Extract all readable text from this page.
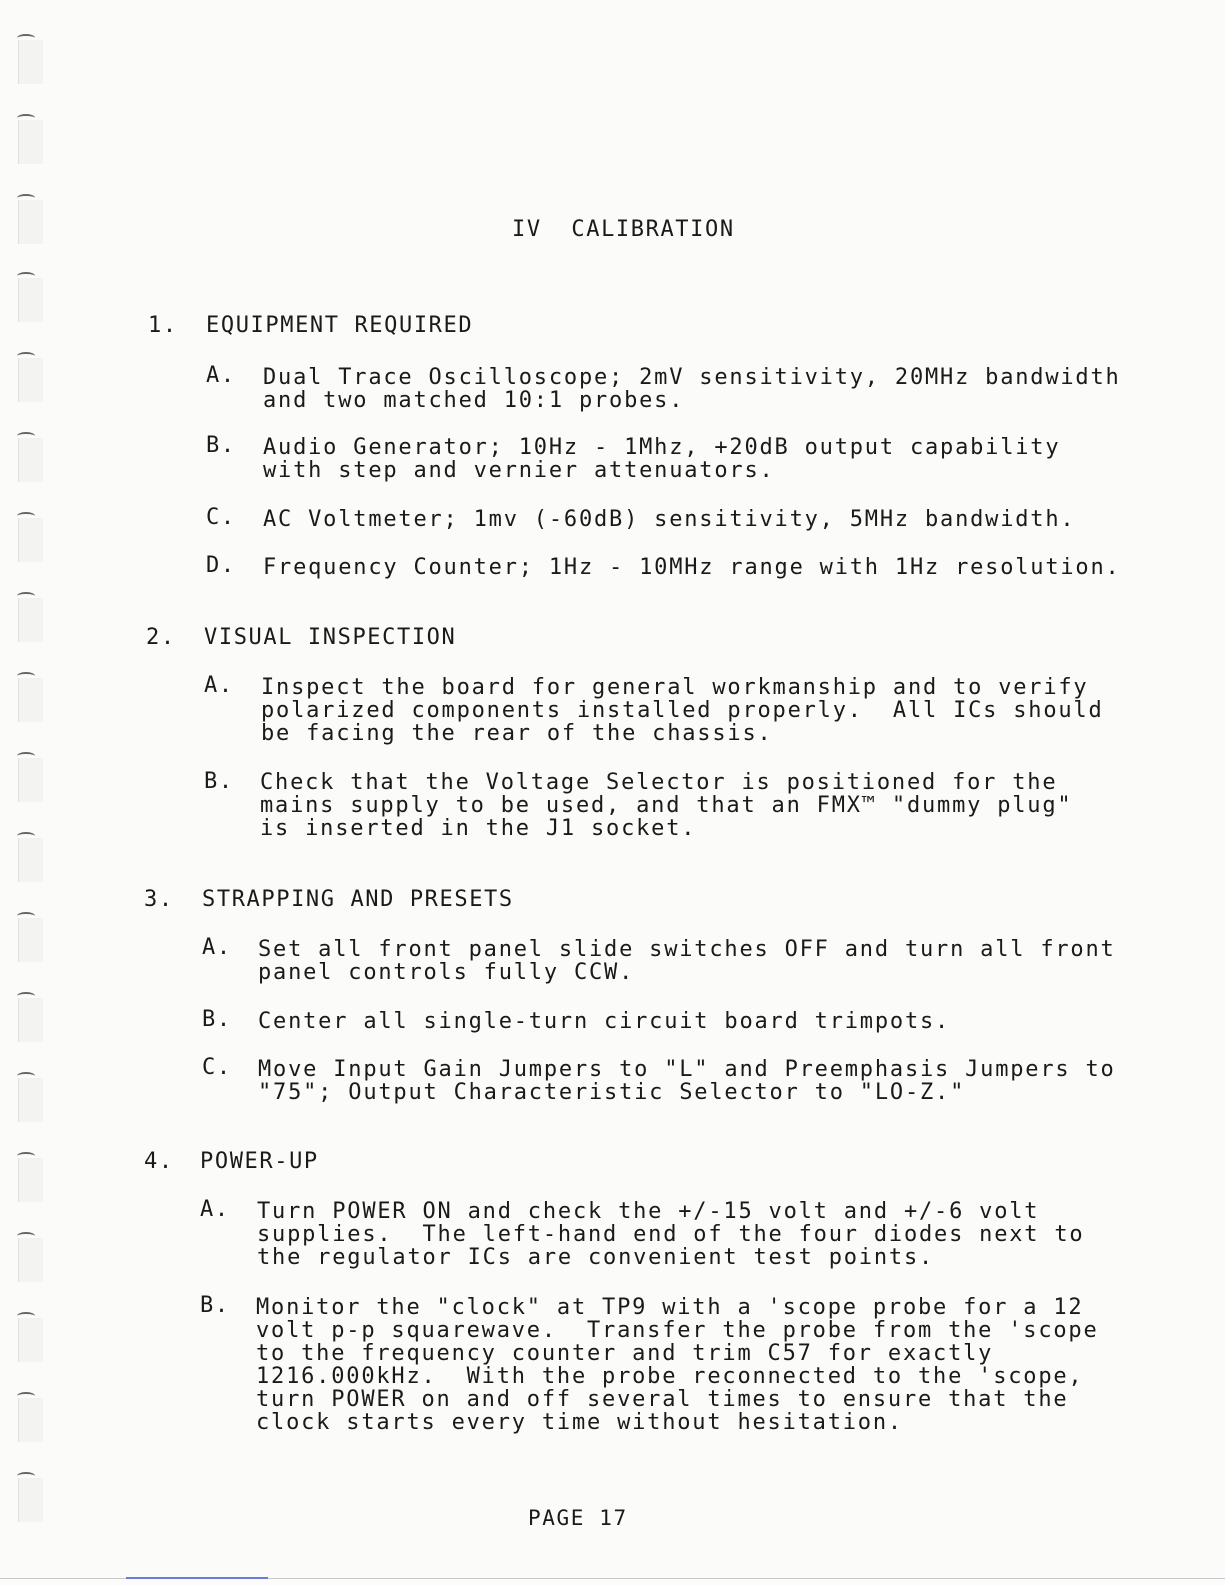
IV  CALIBRATION
1. EQUIPMENT REQUIRED
A. Dual Trace Oscilloscope; 2mV sensitivity, 20MHz bandwidth
and two matched 10:1 probes.
B. Audio Generator; 10Hz - 1Mhz, +20dB output capability
with step and vernier attenuators.
C. AC Voltmeter; 1mv (-60dB) sensitivity, 5MHz bandwidth.
D. Frequency Counter; 1Hz - 10MHz range with 1Hz resolution.
2. VISUAL INSPECTION
A. Inspect the board for general workmanship and to verify
polarized components installed properly.  All ICs should
be facing the rear of the chassis.
B. Check that the Voltage Selector is positioned for the
mains supply to be used, and that an FMX™ "dummy plug"
is inserted in the J1 socket.
3. STRAPPING AND PRESETS
A. Set all front panel slide switches OFF and turn all front
panel controls fully CCW.
B. Center all single-turn circuit board trimpots.
C. Move Input Gain Jumpers to "L" and Preemphasis Jumpers to
"75"; Output Characteristic Selector to "LO-Z."
4. POWER-UP
A. Turn POWER ON and check the +/-15 volt and +/-6 volt
supplies.  The left-hand end of the four diodes next to
the regulator ICs are convenient test points.
B. Monitor the "clock" at TP9 with a 'scope probe for a 12
volt p-p squarewave.  Transfer the probe from the 'scope
to the frequency counter and trim C57 for exactly
1216.000kHz.  With the probe reconnected to the 'scope,
turn POWER on and off several times to ensure that the
clock starts every time without hesitation.
PAGE 17
